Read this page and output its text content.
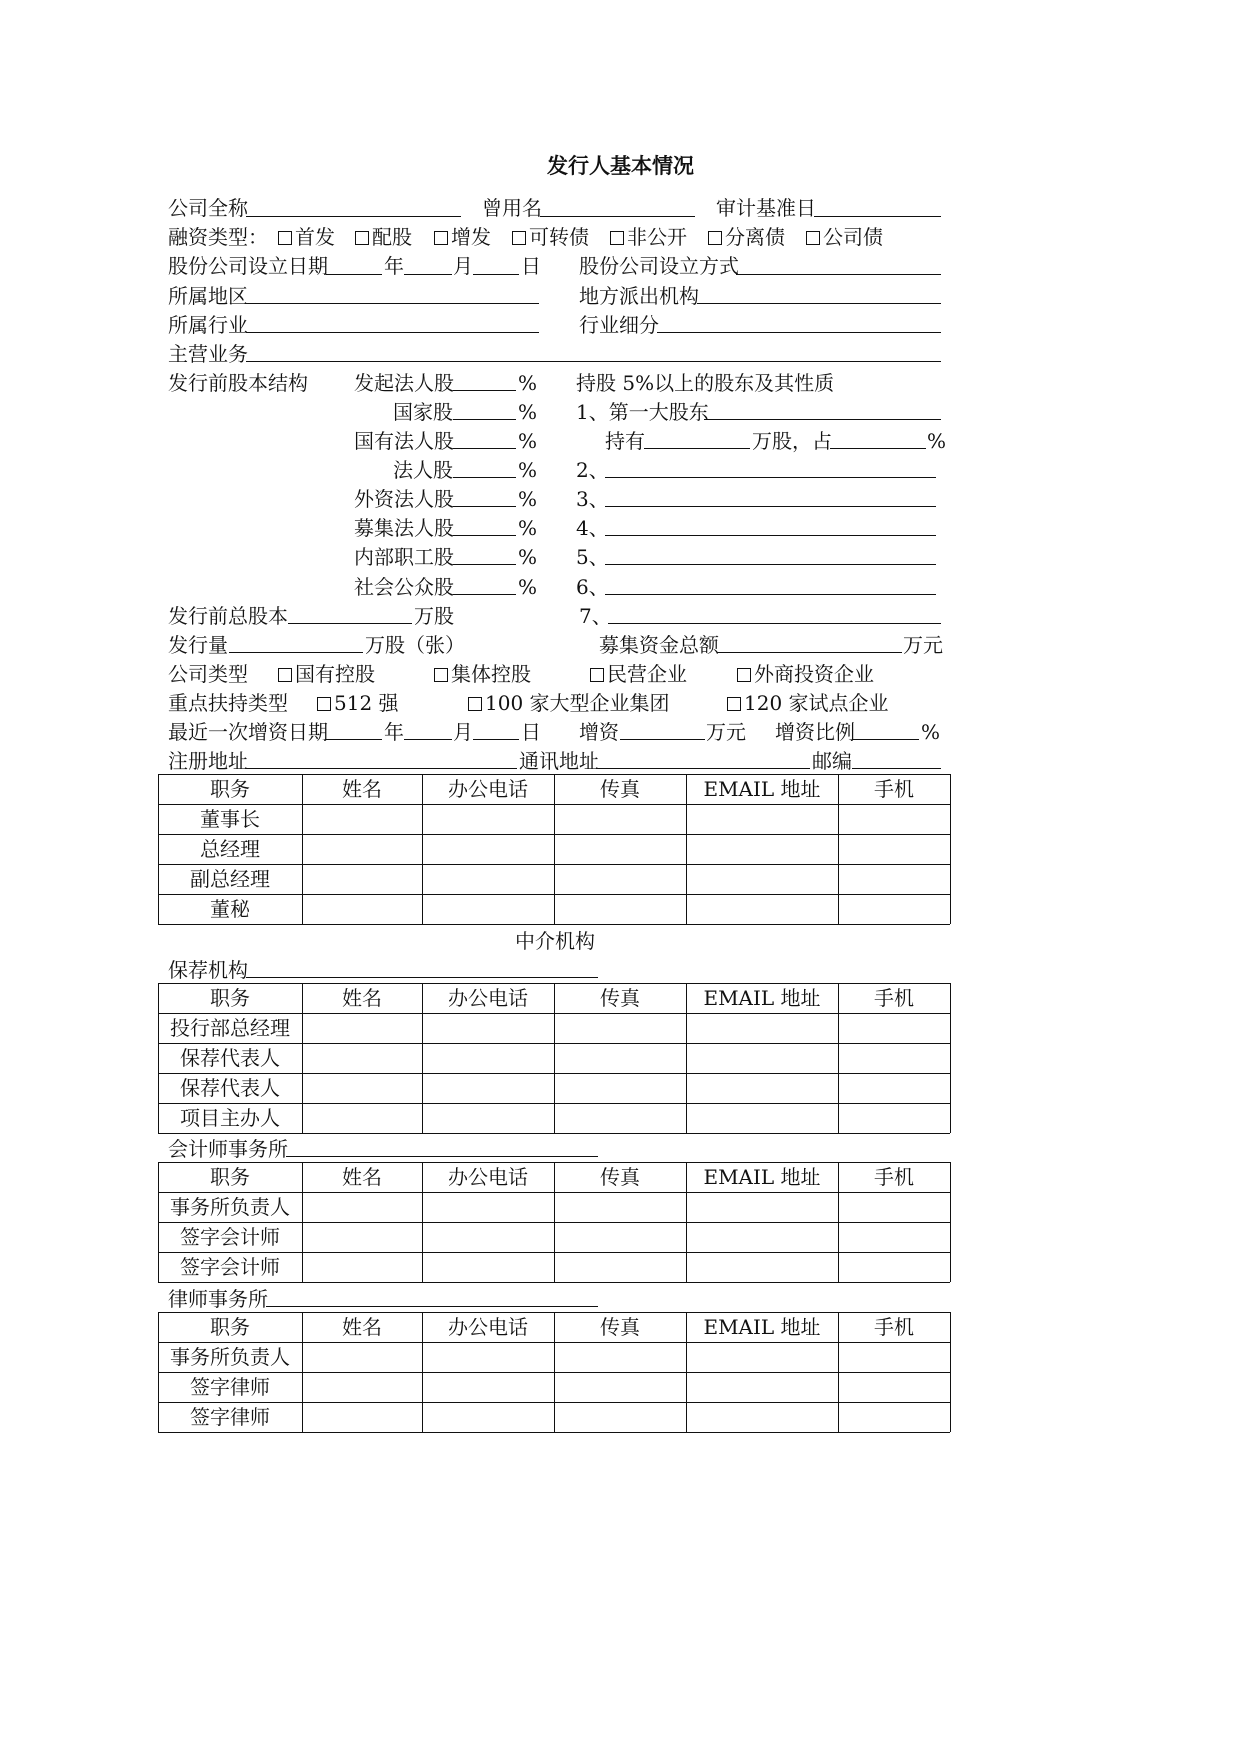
发行人基本情况
公司全称	曾用名	审计基准日
融资类型：	首发	配股	增发	可转债	非公开	分离债	公司债
股份公司设立日期	年 月 日 股份公司设立方式
所属地区	地方派出机构
所属行业	行业细分
主营业务
发行前股本结构 发起法人股	%
国家股	%
国有法人股	%
法人股	%
外资法人股	%
募集法人股	%
内部职工股	%
社会公众股	%
持股 5%以上的股东及其性质
1、第一大股东
持有	万股，占	%
2、
3、
4、
5、
6、
7、
发行前总股本	万股
发行量	万股（张）	募集资金总额	万元
公司类型	国有控股	集体控股	民营企业	外商投资企业
重点扶持类型	512 强	100 家大型企业集团	120 家试点企业
最近一次增资日期	年 月 日 增资	万元 增资比例	%
注册地址	通讯地址	邮编
中介机构
保荐机构
会计师事务所
律师事务所
职务	姓名	办公电话	传真	EMAIL 地址	手机
董事长
总经理
副总经理
董秘
职务	姓名	办公电话	传真	EMAIL 地址	手机
投行部总经理
保荐代表人
保荐代表人
项目主办人
职务	姓名	办公电话	传真	EMAIL 地址	手机
事务所负责人
签字会计师
签字会计师
职务	姓名	办公电话	传真	EMAIL 地址	手机
事务所负责人
签字律师
签字律师
